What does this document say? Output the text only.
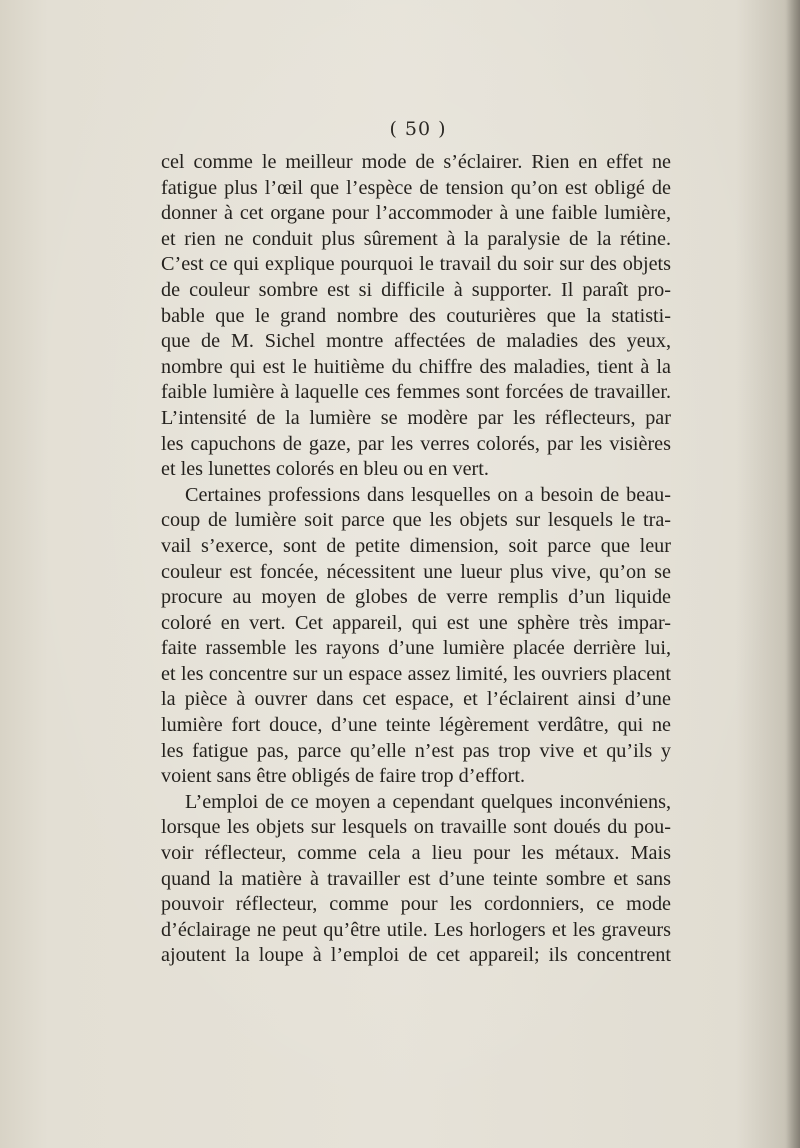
( 50 )
cel comme le meilleur mode de s’éclairer. Rien en effet ne
fatigue plus l’œil que l’espèce de tension qu’on est obligé de
donner à cet organe pour l’accommoder à une faible lumière,
et rien ne conduit plus sûrement à la paralysie de la rétine.
C’est ce qui explique pourquoi le travail du soir sur des objets
de couleur sombre est si difficile à supporter. Il paraît pro-
bable que le grand nombre des couturières que la statisti-
que de M. Sichel montre affectées de maladies des yeux,
nombre qui est le huitième du chiffre des maladies, tient à la
faible lumière à laquelle ces femmes sont forcées de travailler.
L’intensité de la lumière se modère par les réflecteurs, par
les capuchons de gaze, par les verres colorés, par les visières
et les lunettes colorés en bleu ou en vert.
Certaines professions dans lesquelles on a besoin de beau-
coup de lumière soit parce que les objets sur lesquels le tra-
vail s’exerce, sont de petite dimension, soit parce que leur
couleur est foncée, nécessitent une lueur plus vive, qu’on se
procure au moyen de globes de verre remplis d’un liquide
coloré en vert. Cet appareil, qui est une sphère très impar-
faite rassemble les rayons d’une lumière placée derrière lui,
et les concentre sur un espace assez limité, les ouvriers placent
la pièce à ouvrer dans cet espace, et l’éclairent ainsi d’une
lumière fort douce, d’une teinte légèrement verdâtre, qui ne
les fatigue pas, parce qu’elle n’est pas trop vive et qu’ils y
voient sans être obligés de faire trop d’effort.
L’emploi de ce moyen a cependant quelques inconvéniens,
lorsque les objets sur lesquels on travaille sont doués du pou-
voir réflecteur, comme cela a lieu pour les métaux. Mais
quand la matière à travailler est d’une teinte sombre et sans
pouvoir réflecteur, comme pour les cordonniers, ce mode
d’éclairage ne peut qu’être utile. Les horlogers et les graveurs
ajoutent la loupe à l’emploi de cet appareil; ils concentrent
